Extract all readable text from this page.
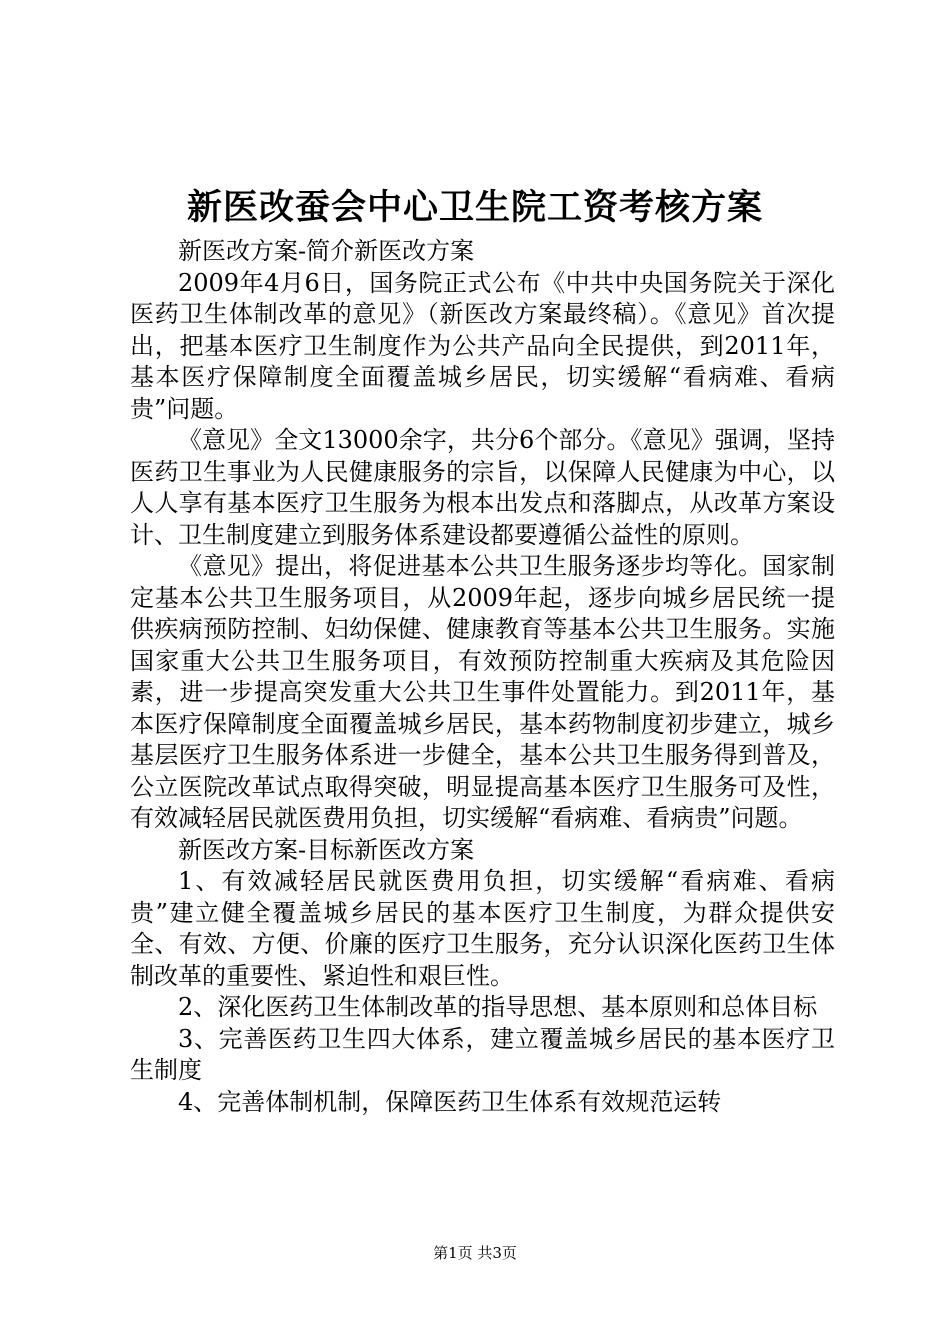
新医改蚕会中心卫生院工资考核方案

新医改方案-简介新医改方案

2009年4月6日，国务院正式公布《中共中央国务院关于深化医药卫生体制改革的意见》（新医改方案最终稿）。《意见》首次提出，把基本医疗卫生制度作为公共产品向全民提供，到2011年，基本医疗保障制度全面覆盖城乡居民，切实缓解“看病难、看病贵”问题。

《意见》全文13000余字，共分6个部分。《意见》强调，坚持医药卫生事业为人民健康服务的宗旨，以保障人民健康为中心，以人人享有基本医疗卫生服务为根本出发点和落脚点，从改革方案设计、卫生制度建立到服务体系建设都要遵循公益性的原则。

《意见》提出，将促进基本公共卫生服务逐步均等化。国家制定基本公共卫生服务项目，从2009年起，逐步向城乡居民统一提供疾病预防控制、妇幼保健、健康教育等基本公共卫生服务。实施国家重大公共卫生服务项目，有效预防控制重大疾病及其危险因素，进一步提高突发重大公共卫生事件处置能力。到2011年，基本医疗保障制度全面覆盖城乡居民，基本药物制度初步建立，城乡基层医疗卫生服务体系进一步健全，基本公共卫生服务得到普及，公立医院改革试点取得突破，明显提高基本医疗卫生服务可及性，有效减轻居民就医费用负担，切实缓解“看病难、看病贵”问题。

新医改方案-目标新医改方案

1、有效减轻居民就医费用负担，切实缓解“看病难、看病贵”建立健全覆盖城乡居民的基本医疗卫生制度，为群众提供安全、有效、方便、价廉的医疗卫生服务，充分认识深化医药卫生体制改革的重要性、紧迫性和艰巨性。

2、深化医药卫生体制改革的指导思想、基本原则和总体目标

3、完善医药卫生四大体系，建立覆盖城乡居民的基本医疗卫生制度

4、完善体制机制，保障医药卫生体系有效规范运转

第1页 共3页
